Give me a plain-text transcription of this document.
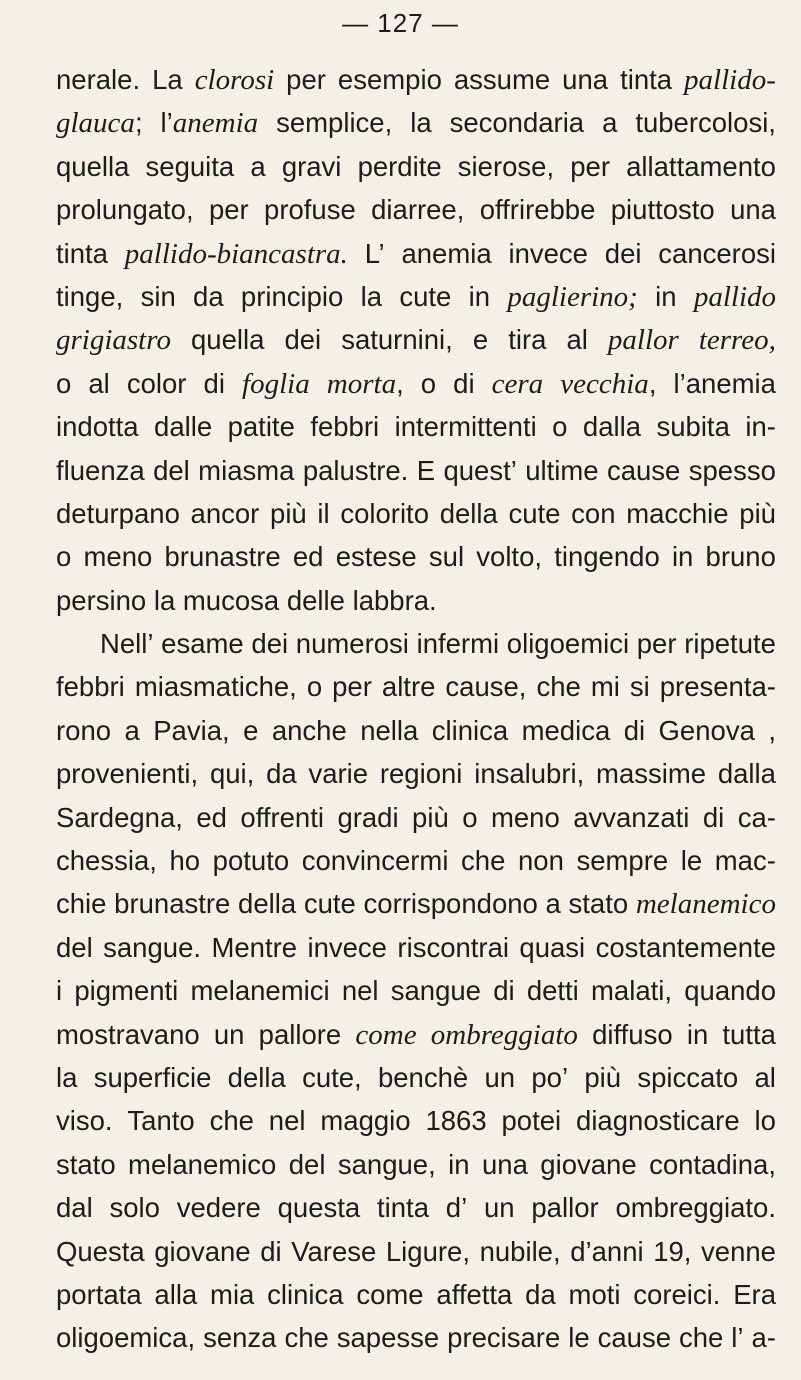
— 127 —
nerale. La clorosi per esempio assume una tinta pallido-
glauca; l’anemia semplice, la secondaria a tubercolosi,
quella seguita a gravi perdite sierose, per allattamento
prolungato, per profuse diarree, offrirebbe piuttosto una
tinta pallido-biancastra. L’ anemia invece dei cancerosi
tinge, sin da principio la cute in paglierino; in pallido
grigiastro quella dei saturnini, e tira al pallor terreo,
o al color di foglia morta, o di cera vecchia, l’anemia
indotta dalle patite febbri intermittenti o dalla subita in-
fluenza del miasma palustre. E quest’ ultime cause spesso
deturpano ancor più il colorito della cute con macchie più
o meno brunastre ed estese sul volto, tingendo in bruno
persino
la
mucosa
delle
labbra.

Nell’ esame dei numerosi infermi oligoemici per ripetute
febbri miasmatiche, o per altre cause, che mi si presenta-
rono a Pavia, e anche nella clinica medica di Genova ,
provenienti, qui, da varie regioni insalubri, massime dalla
Sardegna, ed offrenti gradi più o meno avvanzati di ca-
chessia, ho potuto convincermi che non sempre le mac-
chie brunastre della cute corrispondono a stato melanemico
del sangue. Mentre invece riscontrai quasi costantemente
i pigmenti melanemici nel sangue di detti malati, quando
mostravano un pallore come ombreggiato diffuso in tutta
la superficie della cute, benchè un po’ più spiccato al
viso. Tanto che nel maggio 1863 potei diagnosticare lo
stato melanemico del sangue, in una giovane contadina,
dal solo vedere questa tinta d’ un pallor ombreggiato.
Questa giovane di Varese Ligure, nubile, d’anni 19, venne
portata alla mia clinica come affetta da moti coreici. Era
oligoemica, senza che sapesse precisare le cause che l’ a-
